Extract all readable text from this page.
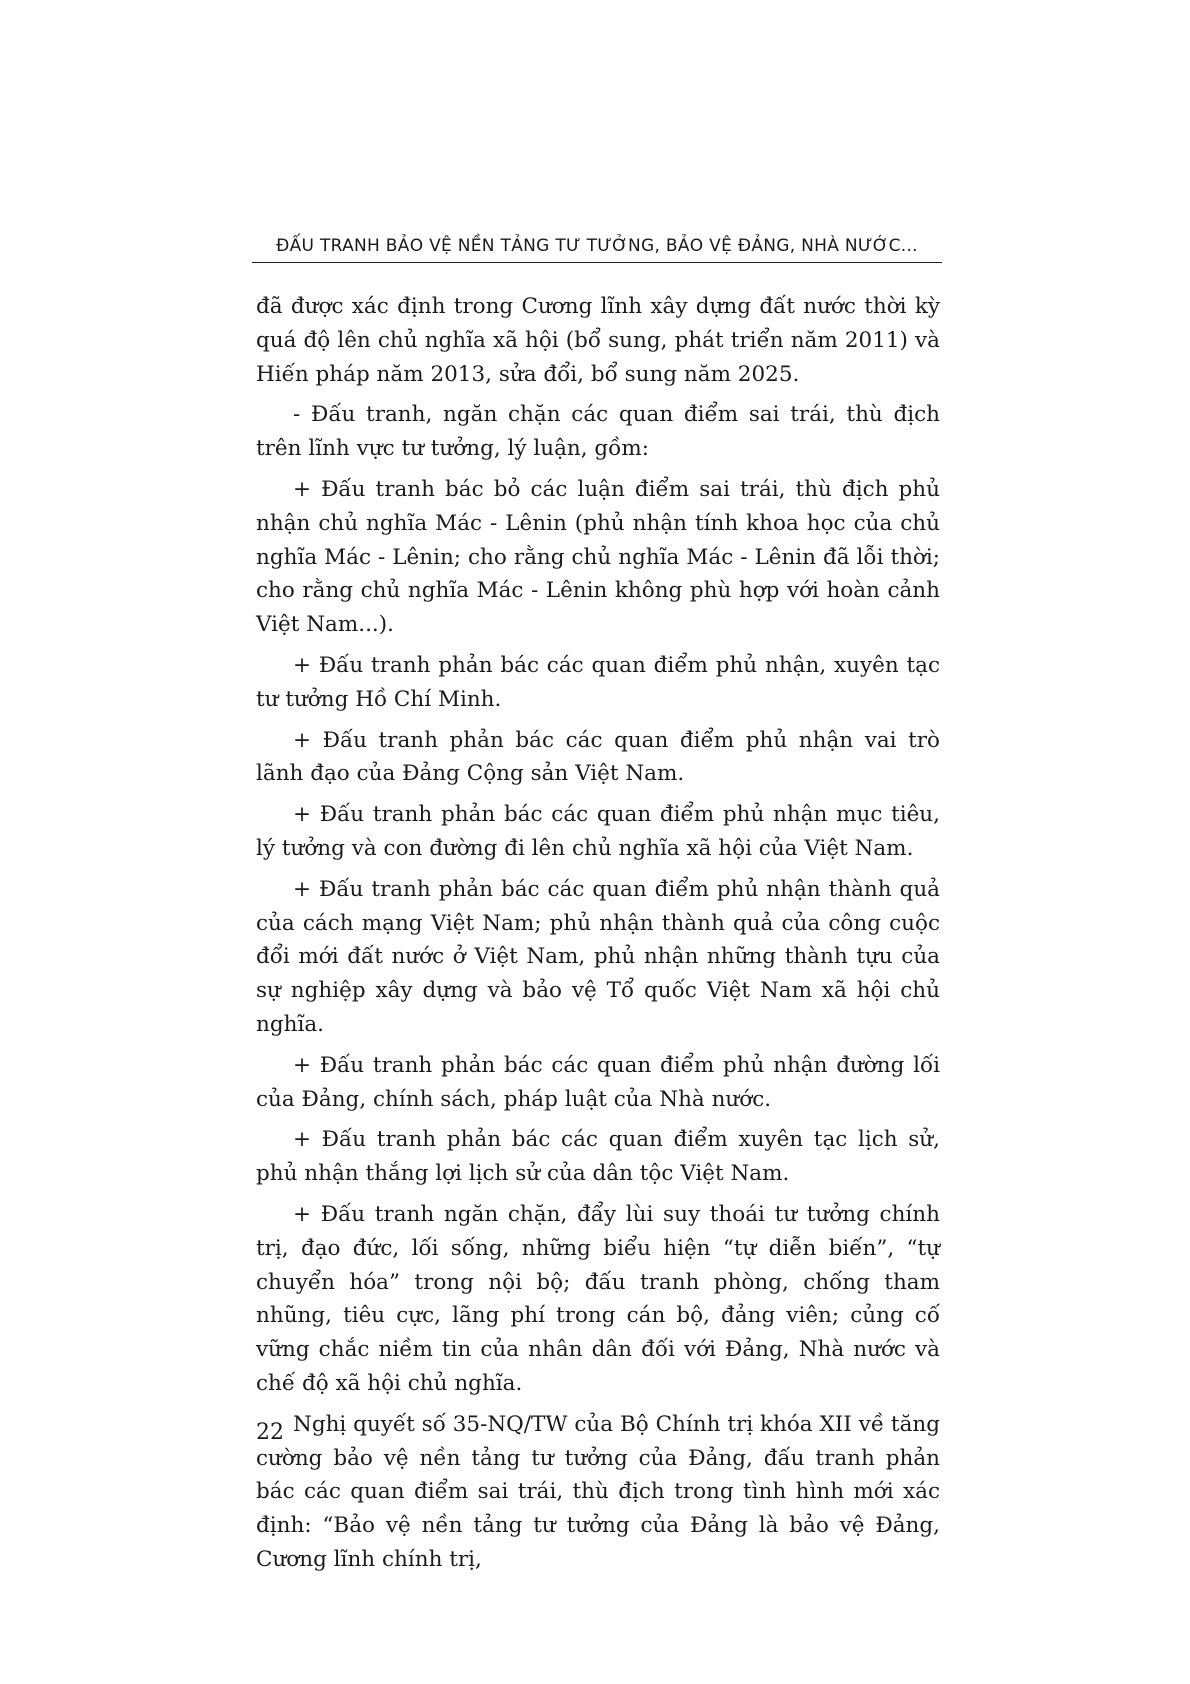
ĐẤU TRANH BẢO VỆ NỀN TẢNG TƯ TƯỞNG, BẢO VỆ ĐẢNG, NHÀ NƯỚC...

đã được xác định trong Cương lĩnh xây dựng đất nước thời kỳ quá độ lên chủ nghĩa xã hội (bổ sung, phát triển năm 2011) và Hiến pháp năm 2013, sửa đổi, bổ sung năm 2025.

- Đấu tranh, ngăn chặn các quan điểm sai trái, thù địch trên lĩnh vực tư tưởng, lý luận, gồm:

+ Đấu tranh bác bỏ các luận điểm sai trái, thù địch phủ nhận chủ nghĩa Mác - Lênin (phủ nhận tính khoa học của chủ nghĩa Mác - Lênin; cho rằng chủ nghĩa Mác - Lênin đã lỗi thời; cho rằng chủ nghĩa Mác - Lênin không phù hợp với hoàn cảnh Việt Nam...).

+ Đấu tranh phản bác các quan điểm phủ nhận, xuyên tạc tư tưởng Hồ Chí Minh.

+ Đấu tranh phản bác các quan điểm phủ nhận vai trò lãnh đạo của Đảng Cộng sản Việt Nam.

+ Đấu tranh phản bác các quan điểm phủ nhận mục tiêu, lý tưởng và con đường đi lên chủ nghĩa xã hội của Việt Nam.

+ Đấu tranh phản bác các quan điểm phủ nhận thành quả của cách mạng Việt Nam; phủ nhận thành quả của công cuộc đổi mới đất nước ở Việt Nam, phủ nhận những thành tựu của sự nghiệp xây dựng và bảo vệ Tổ quốc Việt Nam xã hội chủ nghĩa.

+ Đấu tranh phản bác các quan điểm phủ nhận đường lối của Đảng, chính sách, pháp luật của Nhà nước.

+ Đấu tranh phản bác các quan điểm xuyên tạc lịch sử, phủ nhận thắng lợi lịch sử của dân tộc Việt Nam.

+ Đấu tranh ngăn chặn, đẩy lùi suy thoái tư tưởng chính trị, đạo đức, lối sống, những biểu hiện “tự diễn biến”, “tự chuyển hóa” trong nội bộ; đấu tranh phòng, chống tham nhũng, tiêu cực, lãng phí trong cán bộ, đảng viên; củng cố vững chắc niềm tin của nhân dân đối với Đảng, Nhà nước và chế độ xã hội chủ nghĩa.

Nghị quyết số 35-NQ/TW của Bộ Chính trị khóa XII về tăng cường bảo vệ nền tảng tư tưởng của Đảng, đấu tranh phản bác các quan điểm sai trái, thù địch trong tình hình mới xác định: “Bảo vệ nền tảng tư tưởng của Đảng là bảo vệ Đảng, Cương lĩnh chính trị,

22
